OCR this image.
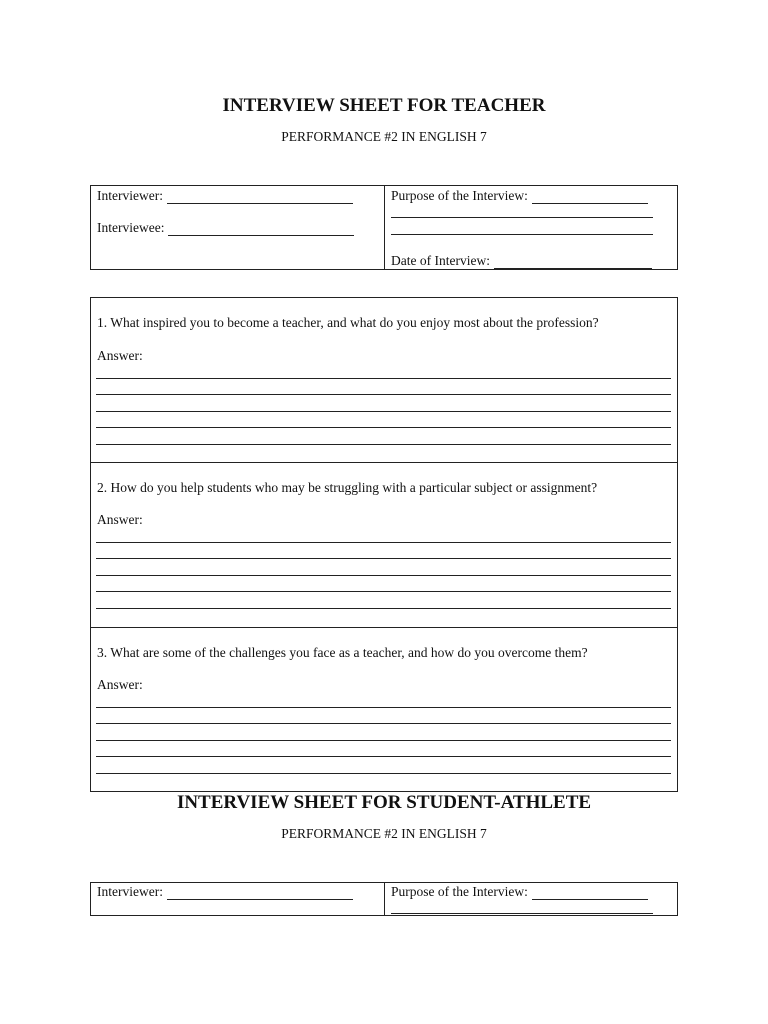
INTERVIEW SHEET FOR TEACHER
PERFORMANCE #2 IN ENGLISH 7
Interviewer:
Interviewee:
Purpose of the Interview:
Date of Interview:
1. What inspired you to become a teacher, and what do you enjoy most about the profession?
Answer:
2. How do you help students who may be struggling with a particular subject or assignment?
Answer:
3. What are some of the challenges you face as a teacher, and how do you overcome them?
Answer:
INTERVIEW SHEET FOR STUDENT-ATHLETE
PERFORMANCE #2 IN ENGLISH 7
Interviewer:	Purpose of the Interview:
